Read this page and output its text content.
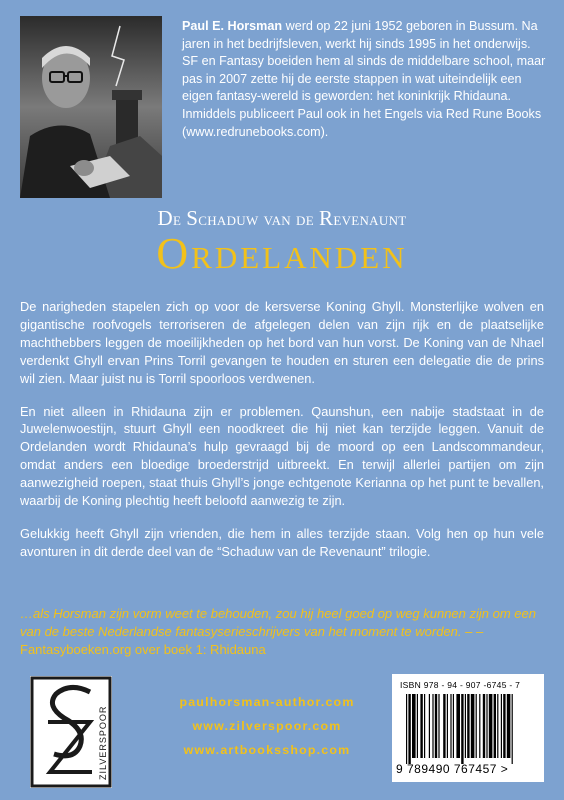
Paul E. Horsman werd op 22 juni 1952 geboren in Bussum. Na jaren in het bedrijfsleven, werkt hij sinds 1995 in het onderwijs.

SF en Fantasy boeiden hem al sinds de middelbare school, maar pas in 2007 zette hij de eerste stappen in wat uiteindelijk een eigen fantasy-wereld is geworden: het koninkrijk Rhidauna.

Inmiddels publiceert Paul ook in het Engels via Red Rune Books (www.redrunebooks.com).

De Schaduw van de Revenaunt
Ordelanden

De narigheden stapelen zich op voor de kersverse Koning Ghyll. Monsterlijke wolven en gigantische roofvogels terroriseren de afgelegen delen van zijn rijk en de plaatselijke machthebbers leggen de moeilijkheden op het bord van hun vorst. De Koning van de Nhael verdenkt Ghyll ervan Prins Torril gevangen te houden en sturen een delegatie die de prins wil zien. Maar juist nu is Torril spoorloos verdwenen.

En niet alleen in Rhidauna zijn er problemen. Qaunshun, een nabije stadstaat in de Juwelenwoestijn, stuurt Ghyll een noodkreet die hij niet kan terzijde leggen. Vanuit de Ordelanden wordt Rhidauna’s hulp gevraagd bij de moord op een Landscommandeur, omdat anders een bloedige broederstrijd uitbreekt. En terwijl allerlei partijen om zijn aanwezigheid roepen, staat thuis Ghyll’s jonge echtgenote Kerianna op het punt te bevallen, waarbij de Koning plechtig heeft beloofd aanwezig te zijn.

Gelukkig heeft Ghyll zijn vrienden, die hem in alles terzijde staan. Volg hen op hun vele avonturen in dit derde deel van de “Schaduw van de Revenaunt” trilogie.

…als Horsman zijn vorm weet te behouden, zou hij heel goed op weg kunnen zijn om een van de beste Nederlandse fantasyserieschrijvers van het moment te worden. – – Fantasyboeken.org over boek 1: Rhidauna
ZILVERSPOOR
paulhorsman-author.com
www.zilverspoor.com
www.artbooksshop.com
ISBN 978 - 94 - 907 -6745 - 7
9 789490 767457 >
